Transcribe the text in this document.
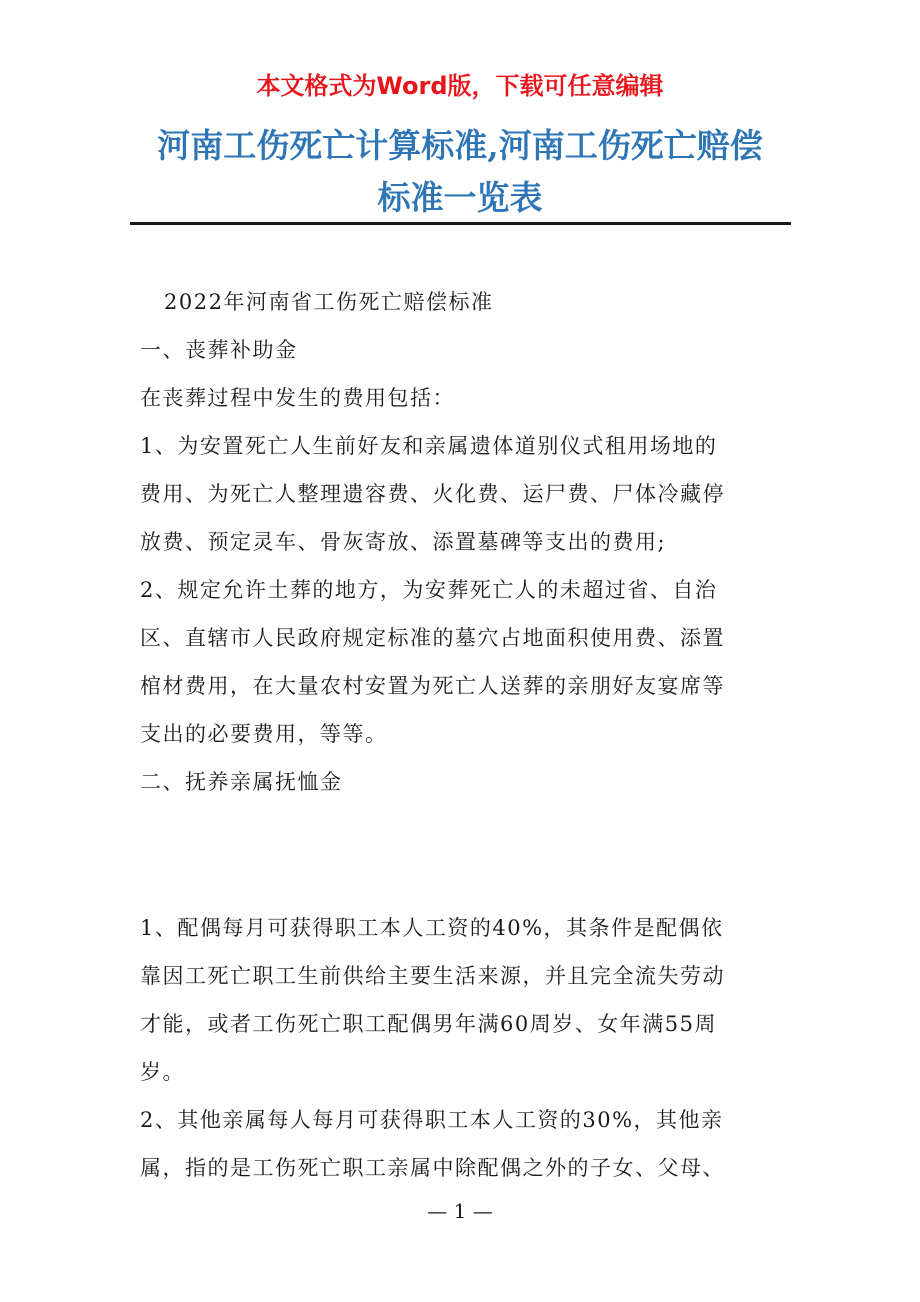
本文格式为Word版，下载可任意编辑
河南工伤死亡计算标准,河南工伤死亡赔偿
标准一览表
2022年河南省工伤死亡赔偿标准
一、丧葬补助金
在丧葬过程中发生的费用包括：
1、为安置死亡人生前好友和亲属遗体道别仪式租用场地的
费用、为死亡人整理遗容费、火化费、运尸费、尸体冷藏停
放费、预定灵车、骨灰寄放、添置墓碑等支出的费用;
2、规定允许土葬的地方，为安葬死亡人的未超过省、自治
区、直辖市人民政府规定标准的墓穴占地面积使用费、添置
棺材费用，在大量农村安置为死亡人送葬的亲朋好友宴席等
支出的必要费用，等等。
二、抚养亲属抚恤金
1、配偶每月可获得职工本人工资的40%，其条件是配偶依
靠因工死亡职工生前供给主要生活来源，并且完全流失劳动
才能，或者工伤死亡职工配偶男年满60周岁、女年满55周
岁。
2、其他亲属每人每月可获得职工本人工资的30%，其他亲
属，指的是工伤死亡职工亲属中除配偶之外的子女、父母、
— 1 —
